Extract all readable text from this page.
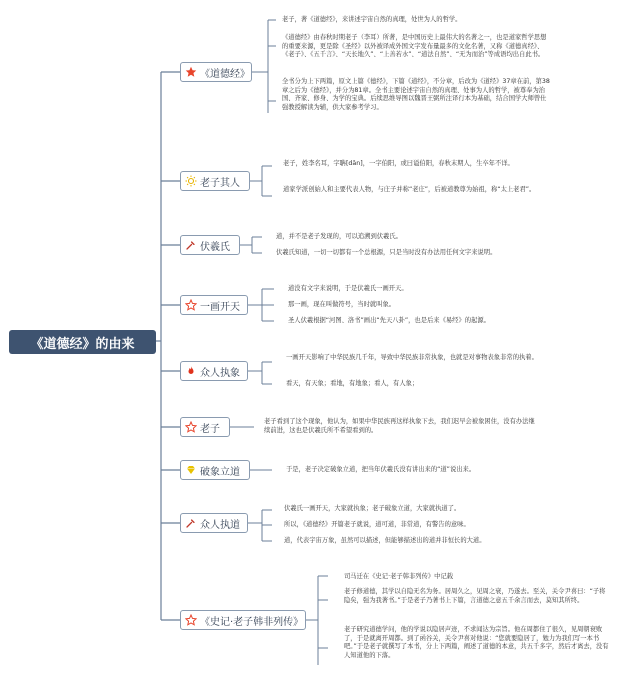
《道德经》的由来
《道德经》

老子，著《道德经》，来讲述宇宙自然的真理，处世为人的哲学。

《道德经》由春秋时期老子（李耳）所著，是中国历史上最伟大的名著之一，也是道家哲学思想的重要来源，更是除《圣经》以外被译成外国文字发布量最多的文化名著，又称《道德真经》、《老子》、《五千言》、“天长地久”、“上善若水”、“道法自然”、“无为而治”等成语均出自此书。

全书分为上下两篇，原文上篇《德经》，下篇《道经》，不分章，后改为《道经》37章在前，第38章之后为《德经》，并分为81章。全书主要论述宇宙自然的真理、处事为人的哲学，被尊奉为治国、齐家、修身、为学的宝典。后续思维导图以魏晋王弼所注译行本为基础，结合国学大师曾仕强教授解读为辅，供大家参考学习。

老子其人

老子，姓李名耳，字聃[dān]，一字伯阳，或曰谥伯阳，春秋末期人，生卒年不详。

道家学派创始人和主要代表人物，与庄子并称“老庄”，后被道教尊为始祖，称“太上老君”。

伏羲氏

道，并不是老子发现的，可以追溯到伏羲氏。

伏羲氏知道，一切一切都有一个总根源，只是当时没有办法用任何文字来说明。

一画开天

道没有文字来说明，于是伏羲氏一画开天。

那一画，现在叫做符号，当时就叫象。

圣人伏羲根据“河图、洛书”画出“先天八卦”，也是后来《易经》的起源。

众人执象

一画开天影响了中华民族几千年，导致中华民族非常执象，也就是对事物表象非常的执着。

看天，有天象；看地，有地象；看人，有人象；

老子

老子看到了这个现象，他认为，如果中华民族再这样执象下去，我们迟早会被象困住，没有办法继续前进，这也是伏羲氏所不希望看到的。

破象立道	于是，老子决定破象立道，把当年伏羲氏没有讲出来的“道”说出来。

众人执道

伏羲氏一画开天，大家就执象；老子破象立道，大家就执道了。

所以，《道德经》开篇老子就说，道可道，非常道，有警告的意味。

道，代表宇宙万象，虽然可以描述，但能够描述出的道并非恒长的大道。

《史记·老子韩非列传》

司马迁在《史记·老子韩非列传》中记载

老子修道德，其学以自隐无名为务。居周久之，见周之衰，乃遂去。至关，关令尹喜曰：“子将隐矣，强为我著书。”于是老子乃著书上下篇，言道德之意五千余言而去，莫知其所终。

老子研究道德学问，他的学说以隐居声迹，不求闻达为宗旨。他在周都住了很久，见周朝衰败了，于是就离开周都。到了函谷关，关令尹喜对他说：“您就要隐居了，勉力为我们写一本书吧。”于是老子就撰写了本书，分上下两篇，阐述了道德的本意，共五千多字，然后才离去，没有人知道他的下落。
